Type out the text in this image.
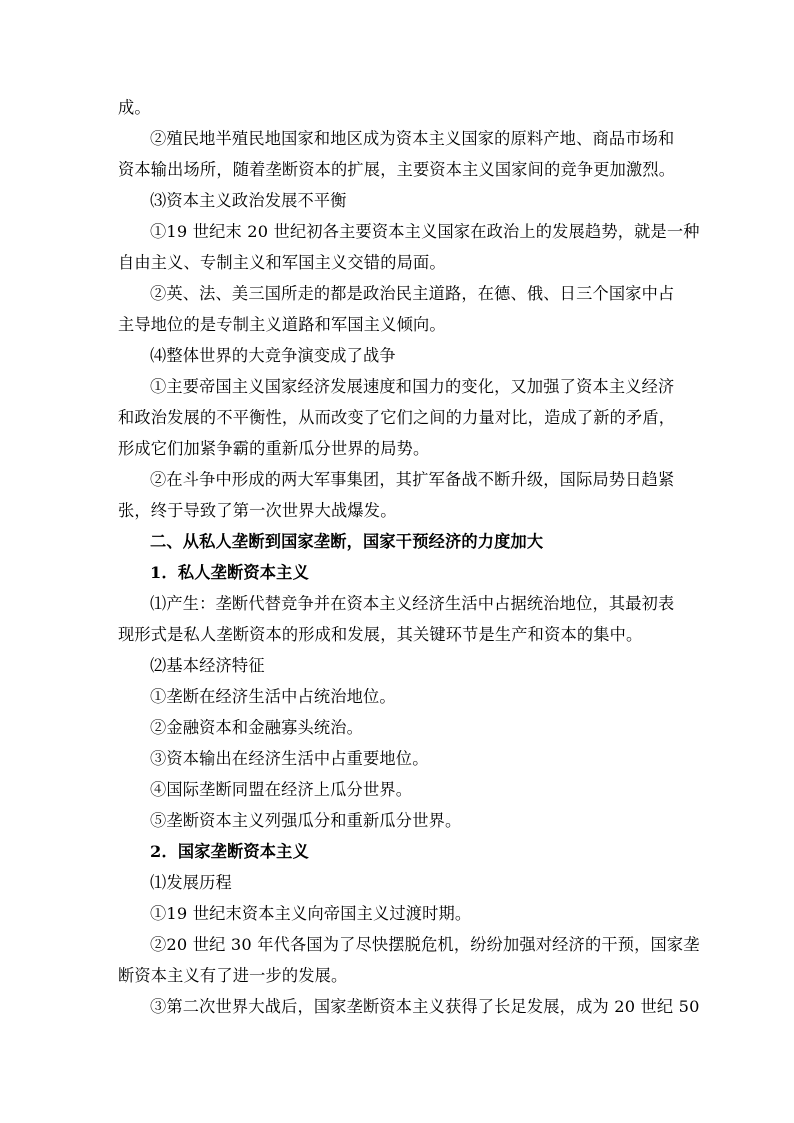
成。
②殖民地半殖民地国家和地区成为资本主义国家的原料产地、商品市场和
资本输出场所，随着垄断资本的扩展，主要资本主义国家间的竞争更加激烈。
⑶资本主义政治发展不平衡
①19 世纪末 20 世纪初各主要资本主义国家在政治上的发展趋势，就是一种
自由主义、专制主义和军国主义交错的局面。
②英、法、美三国所走的都是政治民主道路，在德、俄、日三个国家中占
主导地位的是专制主义道路和军国主义倾向。
⑷整体世界的大竞争演变成了战争
①主要帝国主义国家经济发展速度和国力的变化，又加强了资本主义经济
和政治发展的不平衡性，从而改变了它们之间的力量对比，造成了新的矛盾，
形成它们加紧争霸的重新瓜分世界的局势。
②在斗争中形成的两大军事集团，其扩军备战不断升级，国际局势日趋紧
张，终于导致了第一次世界大战爆发。
二、从私人垄断到国家垄断，国家干预经济的力度加大
1．私人垄断资本主义
⑴产生：垄断代替竞争并在资本主义经济生活中占据统治地位，其最初表
现形式是私人垄断资本的形成和发展，其关键环节是生产和资本的集中。
⑵基本经济特征
①垄断在经济生活中占统治地位。
②金融资本和金融寡头统治。
③资本输出在经济生活中占重要地位。
④国际垄断同盟在经济上瓜分世界。
⑤垄断资本主义列强瓜分和重新瓜分世界。
2．国家垄断资本主义
⑴发展历程
①19 世纪末资本主义向帝国主义过渡时期。
②20 世纪 30 年代各国为了尽快摆脱危机，纷纷加强对经济的干预，国家垄
断资本主义有了进一步的发展。
③第二次世界大战后，国家垄断资本主义获得了长足发展，成为 20 世纪 50
